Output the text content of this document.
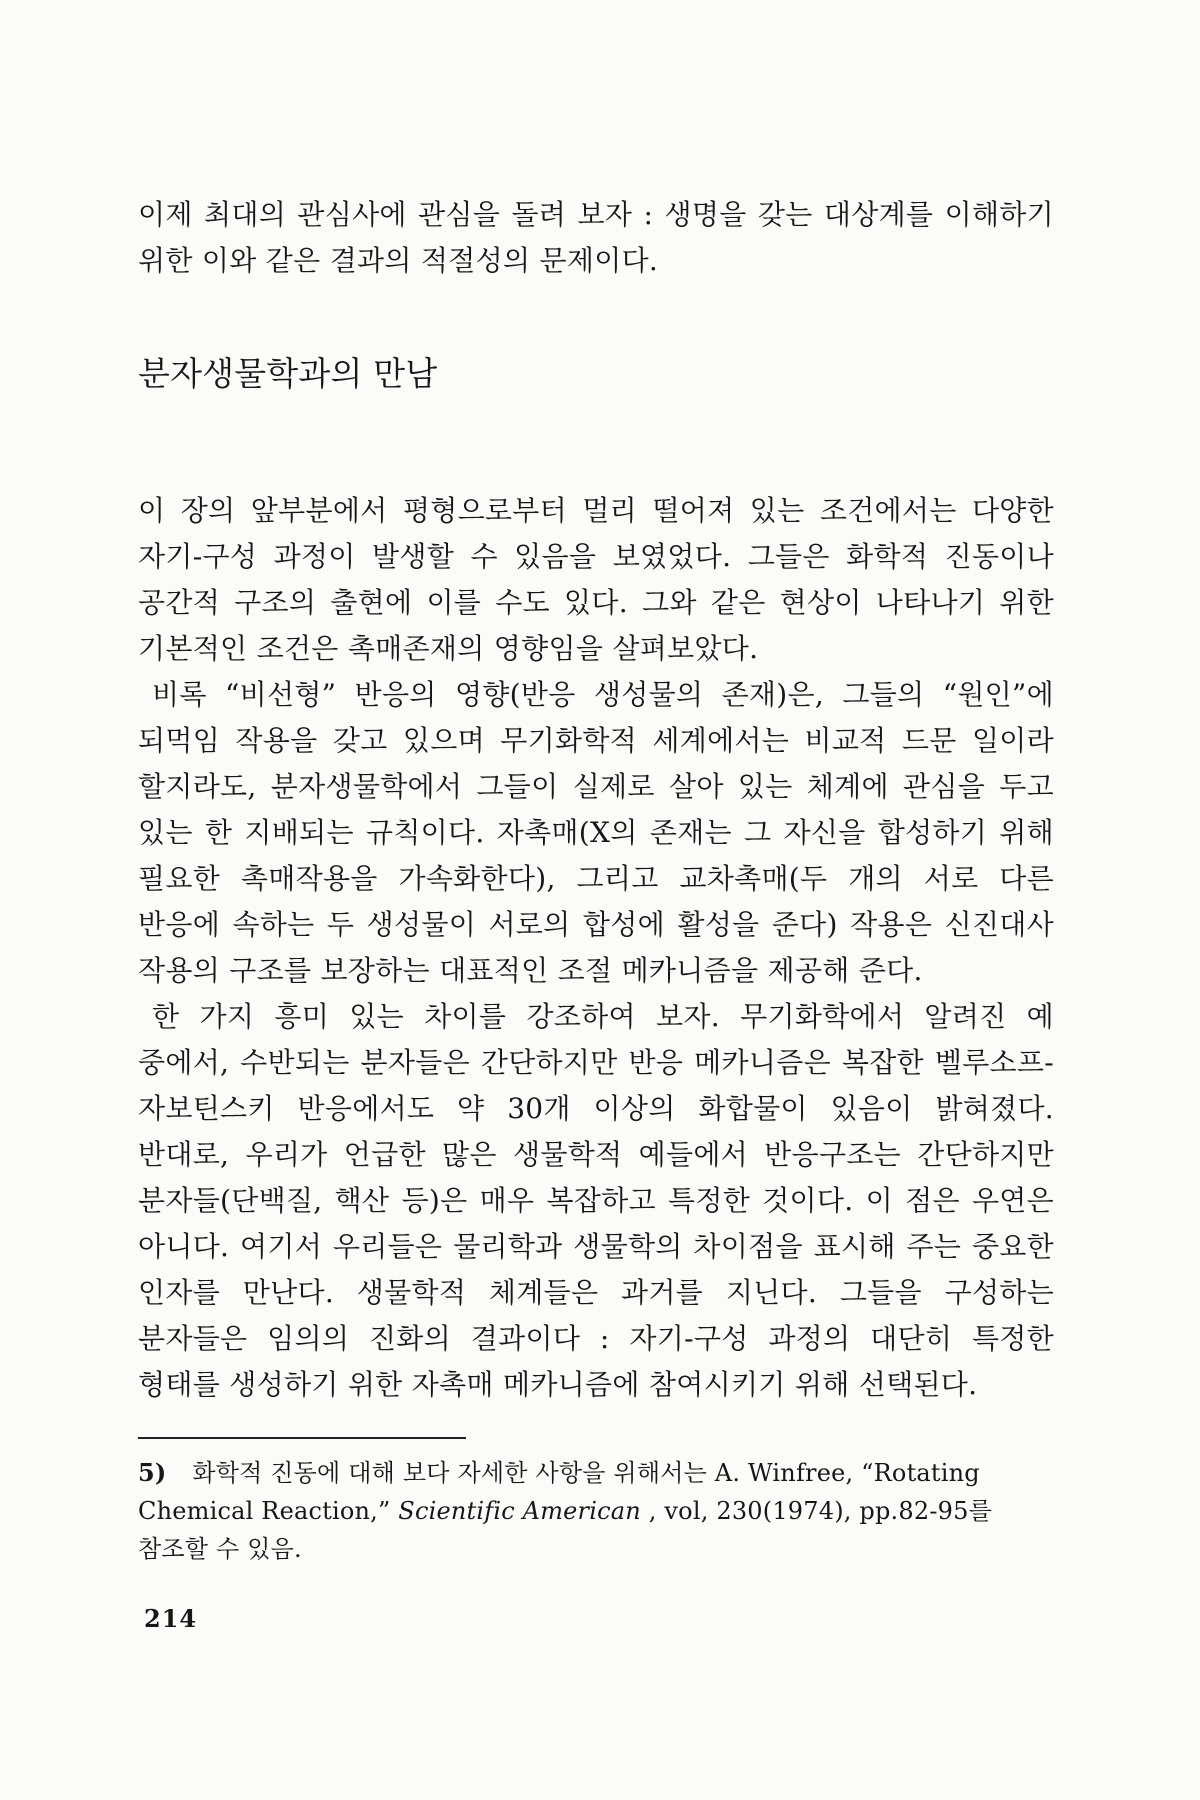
이제 최대의 관심사에 관심을 돌려 보자 : 생명을 갖는 대상계를 이해하기 위한 이와 같은 결과의 적절성의 문제이다.

분자생물학과의 만남

이 장의 앞부분에서 평형으로부터 멀리 떨어져 있는 조건에서는 다양한 자기-구성 과정이 발생할 수 있음을 보였었다. 그들은 화학적 진동이나 공간적 구조의 출현에 이를 수도 있다. 그와 같은 현상이 나타나기 위한 기본적인 조건은 촉매존재의 영향임을 살펴보았다.

비록 “비선형” 반응의 영향(반응 생성물의 존재)은, 그들의 “원인”에 되먹임 작용을 갖고 있으며 무기화학적 세계에서는 비교적 드문 일이라 할지라도, 분자생물학에서 그들이 실제로 살아 있는 체계에 관심을 두고 있는 한 지배되는 규칙이다. 자촉매(X의 존재는 그 자신을 합성하기 위해 필요한 촉매작용을 가속화한다), 그리고 교차촉매(두 개의 서로 다른 반응에 속하는 두 생성물이 서로의 합성에 활성을 준다) 작용은 신진대사 작용의 구조를 보장하는 대표적인 조절 메카니즘을 제공해 준다.

한 가지 흥미 있는 차이를 강조하여 보자. 무기화학에서 알려진 예 중에서, 수반되는 분자들은 간단하지만 반응 메카니즘은 복잡한 벨루소프-자보틴스키 반응에서도 약 30개 이상의 화합물이 있음이 밝혀졌다. 반대로, 우리가 언급한 많은 생물학적 예들에서 반응구조는 간단하지만 분자들(단백질, 핵산 등)은 매우 복잡하고 특정한 것이다. 이 점은 우연은 아니다. 여기서 우리들은 물리학과 생물학의 차이점을 표시해 주는 중요한 인자를 만난다. 생물학적 체계들은 과거를 지닌다. 그들을 구성하는 분자들은 임의의 진화의 결과이다 : 자기-구성 과정의 대단히 특정한 형태를 생성하기 위한 자촉매 메카니즘에 참여시키기 위해 선택된다.

5) 화학적 진동에 대해 보다 자세한 사항을 위해서는 A. Winfree, “Rotating Chemical Reaction,” Scientific American , vol, 230(1974), pp.82-95를 참조할 수 있음.
214
